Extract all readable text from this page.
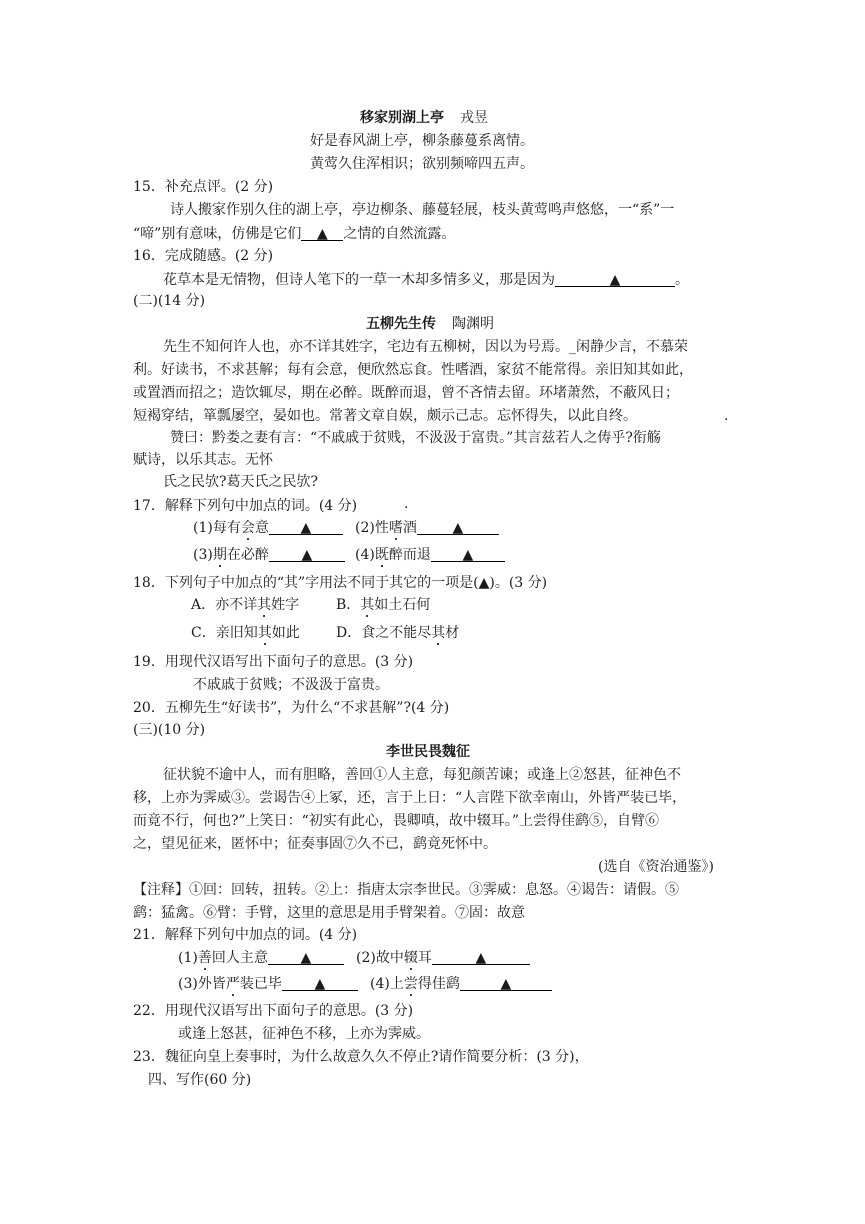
移家别湖上亭 戎昱
好是春风湖上亭，柳条藤蔓系离情。
黄莺久住浑相识；欲别频啼四五声。
15．补充点评。(2 分)
诗人搬家作别久住的湖上亭，亭边柳条、藤蔓轻展，枝头黄莺鸣声悠悠，一“系”一
“啼”别有意味，仿佛是它们 ▲ 之情的自然流露。
16．完成随感。(2 分)
花草本是无情物，但诗人笔下的一草一木却多情多义，那是因为	▲	。
(二)(14 分)
五柳先生传 陶渊明
先生不知何许人也，亦不详其姓字，宅边有五柳树，因以为号焉。_闲静少言，不慕荣
利。好读书，不求甚解；每有会意，便欣然忘食。性嗜酒，家贫不能常得。亲旧知其如此，
或置酒而招之；造饮辄尽，期在必醉。既醉而退，曾不吝情去留。环堵萧然，不蔽风日；
短褐穿结，箪瓢屡空，晏如也。常著文章自娱，颇示己志。忘怀得失，以此自终。	.
赞曰：黔娄之妻有言：“不戚戚于贫贱，不汲汲于富贵。”其言兹若人之俦乎?衔觞
赋诗，以乐其志。无怀
氏之民欤?葛天氏之民欤?
17．解释下列句中加点的词。(4 分)	.
(1)每有会意 ▲	(2)性嗜酒	▲
(3)期在必醉 ▲	(4)既醉而退 ▲
18．下列句子中加点的“其”字用法不同于其它的一项是(▲)。(3 分)
A．亦不详其姓字	B．其如土石何
C．亲旧知其如此	D．食之不能尽其材
19．用现代汉语写出下面句子的意思。(3 分)
不戚戚于贫贱；不汲汲于富贵。
20．五柳先生“好读书”，为什么“不求甚解”?(4 分)
(三)(10 分)
李世民畏魏征
征状貌不逾中人，而有胆略，善回①人主意，每犯颜苦谏；或逢上②怒甚，征神色不
移，上亦为霁威③。尝谒告④上冢，还，言于上日：“人言陛下欲幸南山，外皆严装已毕，
而竟不行，何也?”上笑日：“初实有此心，畏卿嗔，故中辍耳。”上尝得佳鹞⑤，自臂⑥
之，望见征来，匿怀中；征奏事固⑦久不已，鹞竟死怀中。
(选自《资治通鉴》)
【注释】①回：回转，扭转。②上：指唐太宗李世民。③霁威：息怒。④谒告：请假。⑤
鹞：猛禽。⑥臂：手臂，这里的意思是用手臂架着。⑦固：故意
21．解释下列句中加点的词。(4 分)
(1)善回人主意 ▲	(2)故中辍耳	▲
(3)外皆严装已毕 ▲	(4)上尝得佳鹞	▲
22．用现代汉语写出下面句子的意思。(3 分)
或逢上怒甚，征神色不移，上亦为霁威。
23．魏征向皇上奏事时，为什么故意久久不停止?请作简要分析：(3 分)，
四、写作(60 分)
